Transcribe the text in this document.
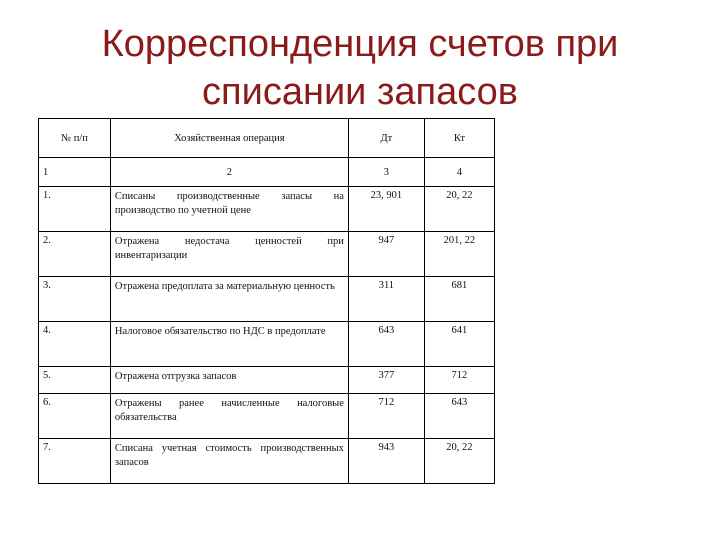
Корреспонденция счетов при
списании запасов
№ п/п	Хозяйственная операция	Дт	Кт
1	2	3	4
1.	Списаны производственные запасы на производство по учетной цене	23, 901	20, 22
2.	Отражена недостача ценностей при инвентаризации	947	201, 22
3.	Отражена предоплата за материальную ценность	311	681
4.	Налоговое обязательство по НДС в предоплате	643	641
5.	Отражена отгрузка запасов	377	712
6.	Отражены ранее начисленные налоговые обязательства	712	643
7.	Списана учетная стоимость производственных запасов	943	20, 22
